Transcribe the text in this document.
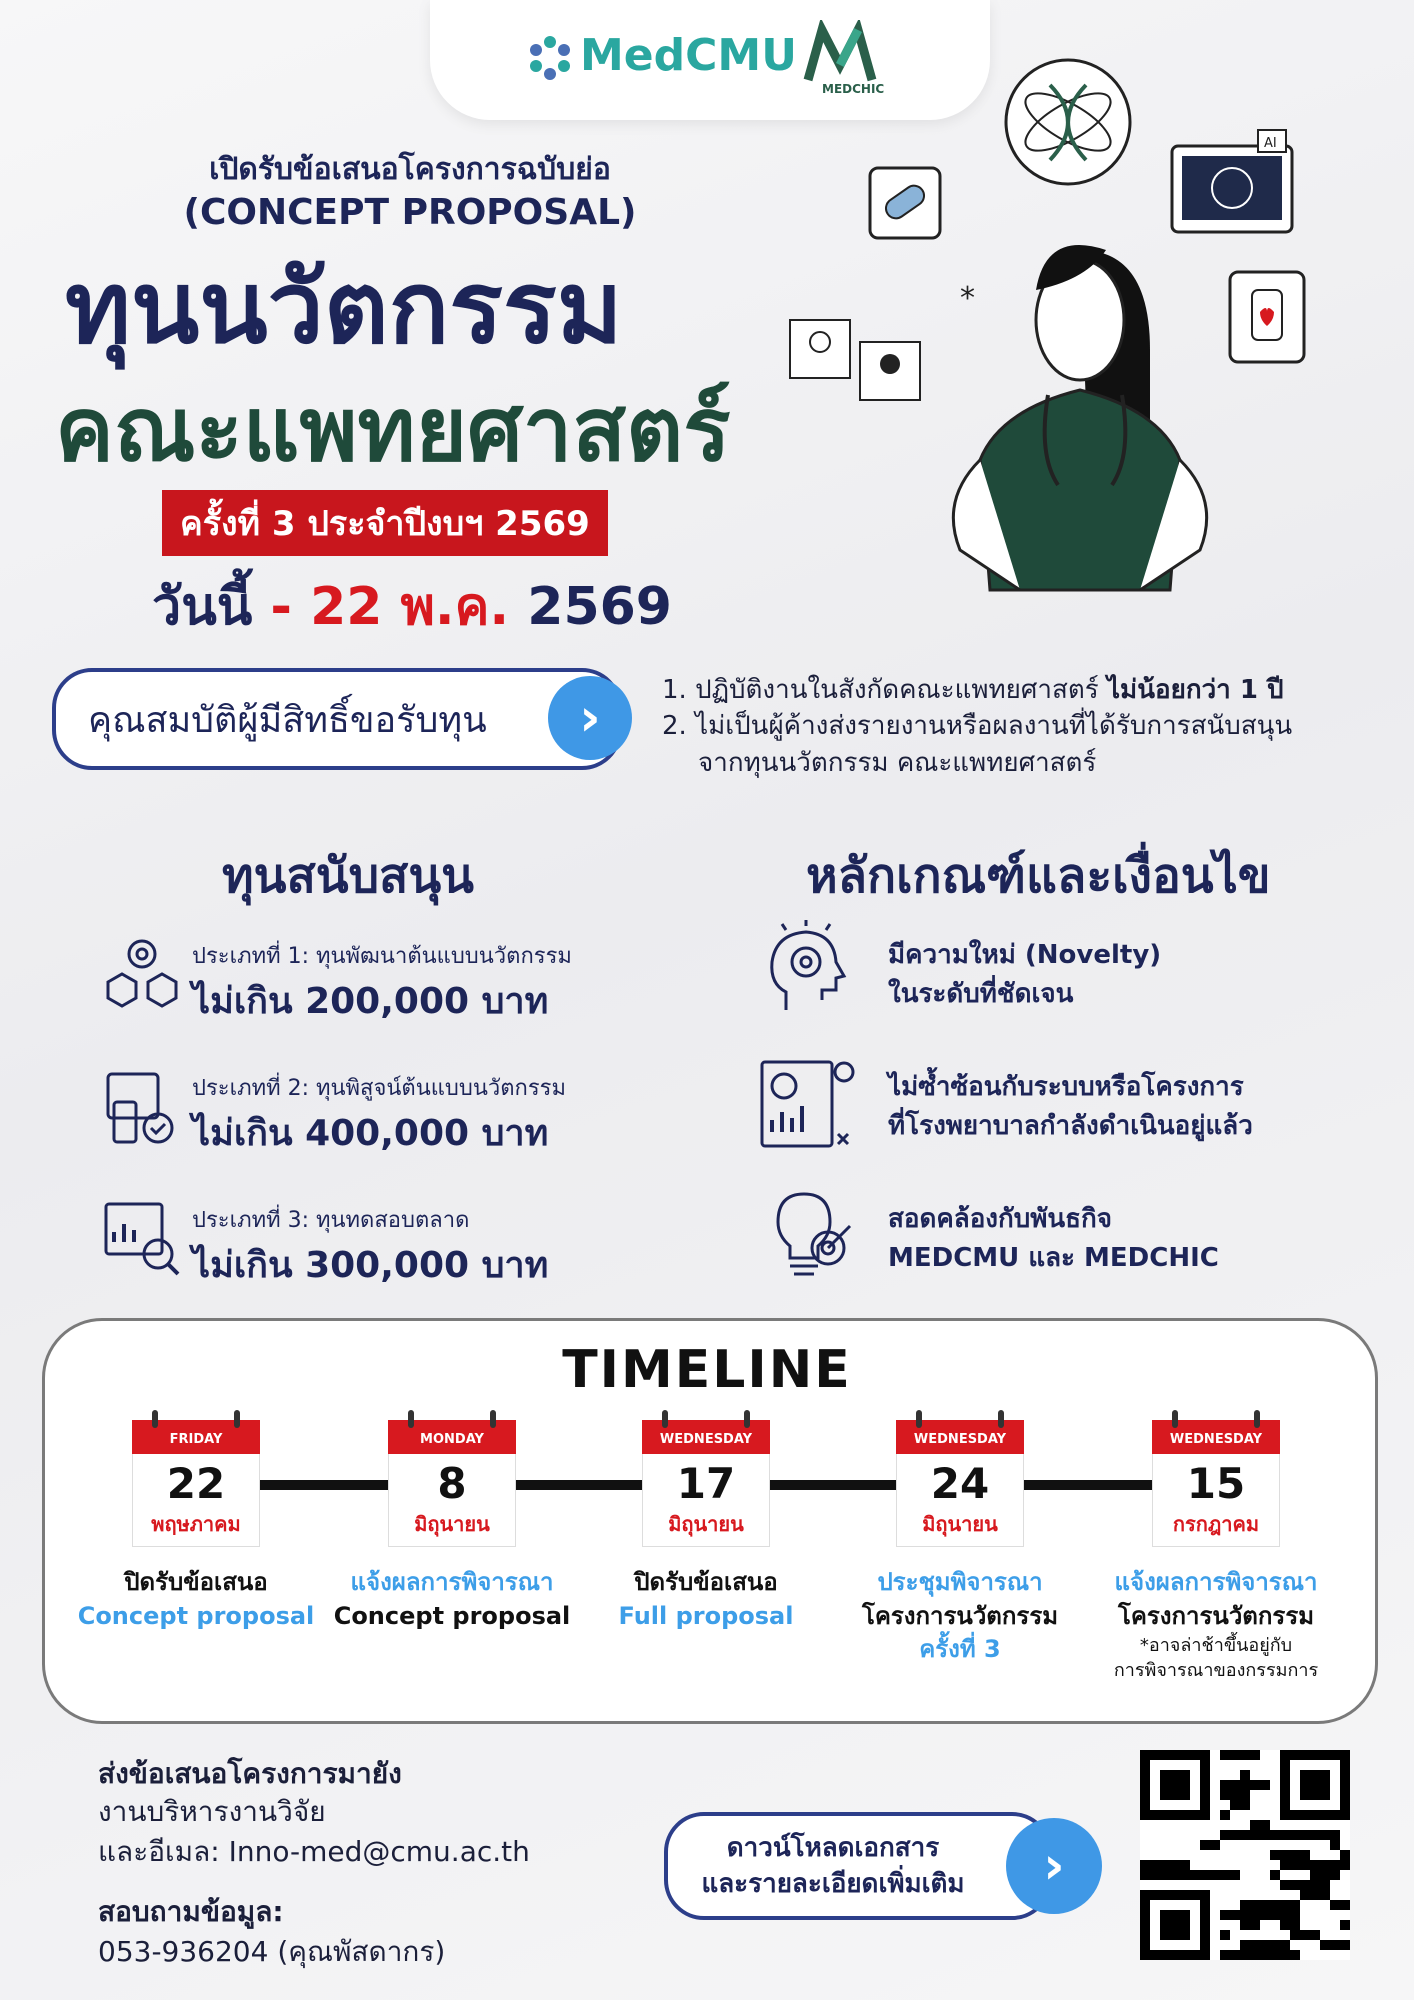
MedCMU
MEDCHIC
เปิดรับข้อเสนอโครงการฉบับย่อ
(CONCEPT PROPOSAL)
ทุนนวัตกรรม
คณะแพทยศาสตร์
ครั้งที่ 3 ประจำปีงบฯ 2569
วันนี้ - 22 พ.ค. 2569
AI
*
คุณสมบัติผู้มีสิทธิ์ขอรับทุน	›	1. ปฏิบัติงานในสังกัดคณะแพทยศาสตร์ ไม่น้อยกว่า 1 ปี
2. ไม่เป็นผู้ค้างส่งรายงานหรือผลงานที่ได้รับการสนับสนุน
จากทุนนวัตกรรม คณะแพทยศาสตร์
ทุนสนับสนุน
ประเภทที่ 1: ทุนพัฒนาต้นแบบนวัตกรรม
ไม่เกิน 200,000 บาท
ประเภทที่ 2: ทุนพิสูจน์ต้นแบบนวัตกรรม
ไม่เกิน 400,000 บาท
ประเภทที่ 3: ทุนทดสอบตลาด
ไม่เกิน 300,000 บาท
หลักเกณฑ์และเงื่อนไข
มีความใหม่ (Novelty)
ในระดับที่ชัดเจน
ไม่ซ้ำซ้อนกับระบบหรือโครงการ
ที่โรงพยาบาลกำลังดำเนินอยู่แล้ว
สอดคล้องกับพันธกิจ
MEDCMU และ MEDCHIC
TIMELINE
FRIDAY
22
พฤษภาคม
ปิดรับข้อเสนอ
Concept proposal
MONDAY
8
มิถุนายน
แจ้งผลการพิจารณา
Concept proposal
WEDNESDAY
17
มิถุนายน
ปิดรับข้อเสนอ
Full proposal
WEDNESDAY
24
มิถุนายน
ประชุมพิจารณา
โครงการนวัตกรรม
ครั้งที่ 3
WEDNESDAY
15
กรกฎาคม
แจ้งผลการพิจารณา
โครงการนวัตกรรม
*อาจล่าช้าขึ้นอยู่กับ
การพิจารณาของกรรมการ
ส่งข้อเสนอโครงการมายัง
งานบริหารงานวิจัย
และอีเมล: Inno-med@cmu.ac.th
สอบถามข้อมูล:
053-936204 (คุณพัสดากร)
ดาวน์โหลดเอกสาร
และรายละเอียดเพิ่มเติม	›
